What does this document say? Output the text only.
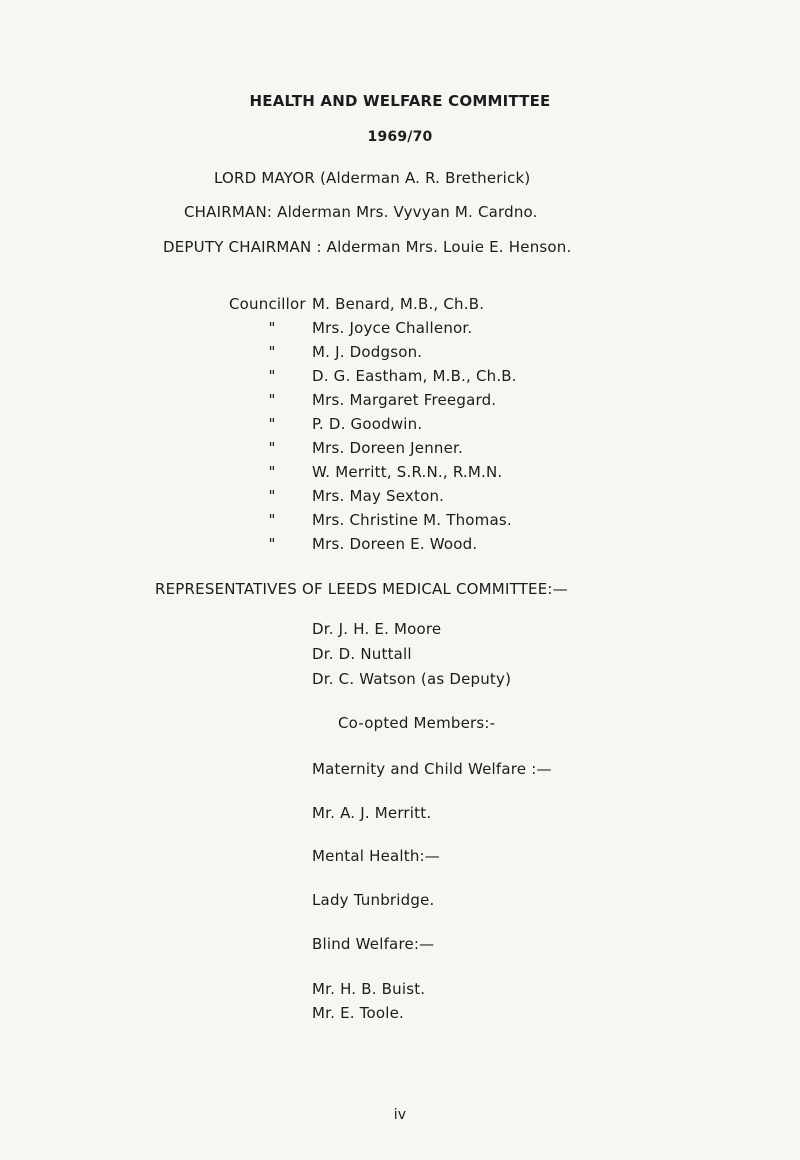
HEALTH AND WELFARE COMMITTEE
1969/70
LORD MAYOR (Alderman A. R. Bretherick)
CHAIRMAN: Alderman Mrs. Vyvyan M. Cardno.
DEPUTY CHAIRMAN : Alderman Mrs. Louie E. Henson.
Councillor M. Benard, M.B., Ch.B.
"	Mrs. Joyce Challenor.
"	M. J. Dodgson.
"	D. G. Eastham, M.B., Ch.B.
"	Mrs. Margaret Freegard.
"	P. D. Goodwin.
"	Mrs. Doreen Jenner.
"	W. Merritt, S.R.N., R.M.N.
"	Mrs. May Sexton.
"	Mrs. Christine M. Thomas.
"	Mrs. Doreen E. Wood.
REPRESENTATIVES OF LEEDS MEDICAL COMMITTEE:—
Dr. J. H. E. Moore
Dr. D. Nuttall
Dr. C. Watson (as Deputy)
Co-opted Members:-
Maternity and Child Welfare :—
Mr. A. J. Merritt.
Mental Health:—
Lady Tunbridge.
Blind Welfare:—
Mr. H. B. Buist.
Mr. E. Toole.
iv
